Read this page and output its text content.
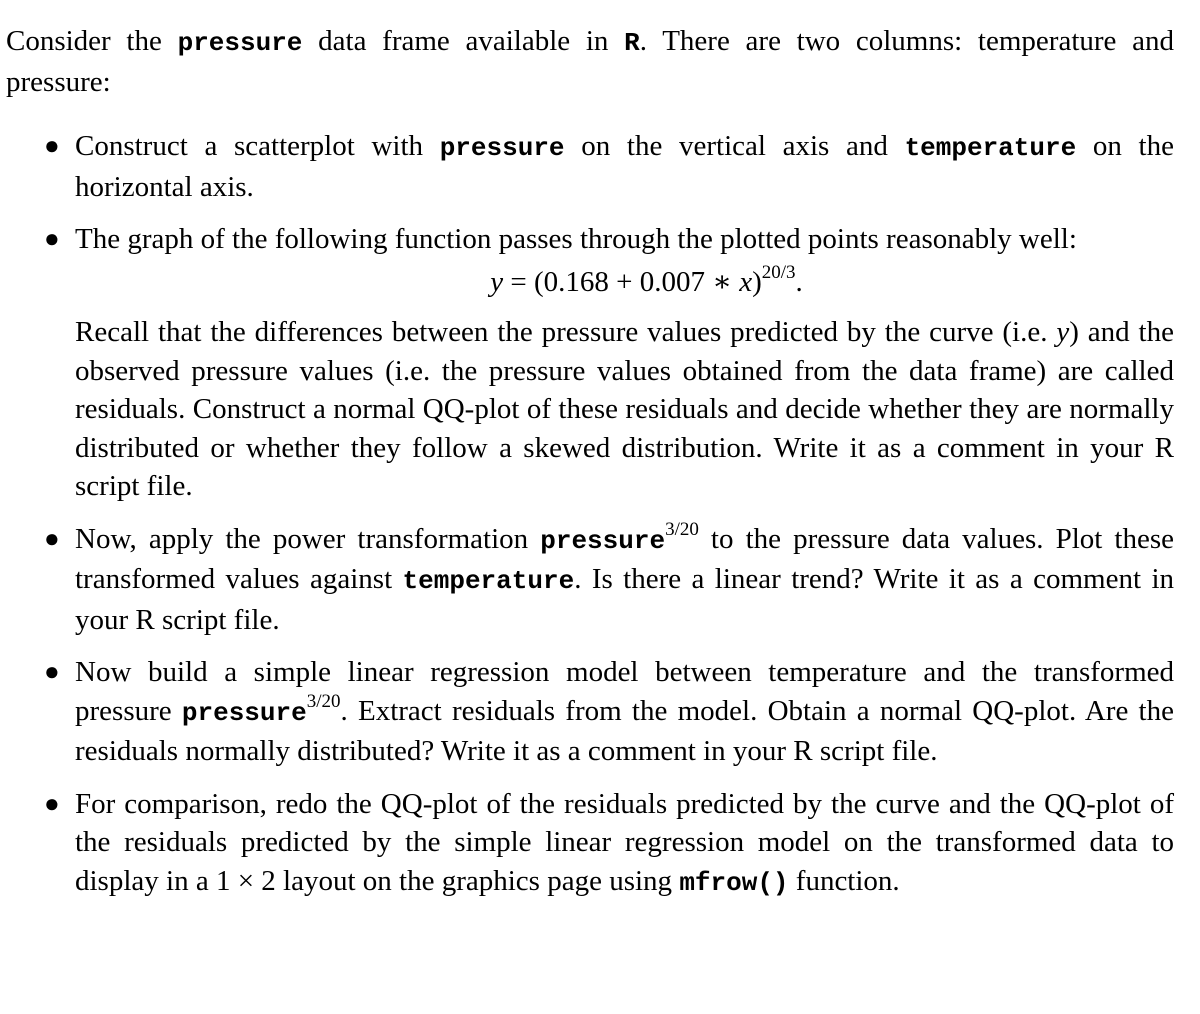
Consider the pressure data frame available in R. There are two columns: temperature and pressure:

● Construct a scatterplot with pressure on the vertical axis and temperature on the horizontal axis.

● The graph of the following function passes through the plotted points reasonably well:

y = (0.168 + 0.007 ∗ x)$^{20/3}$.

Recall that the differences between the pressure values predicted by the curve (i.e. y) and the observed pressure values (i.e. the pressure values obtained from the data frame) are called residuals. Construct a normal QQ-plot of these residuals and decide whether they are normally distributed or whether they follow a skewed distribution. Write it as a comment in your R script file.

● Now, apply the power transformation pressure$^{3/20}$ to the pressure data values. Plot these transformed values against temperature. Is there a linear trend? Write it as a comment in your R script file.

● Now build a simple linear regression model between temperature and the transformed pressure pressure$^{3/20}$. Extract residuals from the model. Obtain a normal QQ-plot. Are the residuals normally distributed? Write it as a comment in your R script file.

● For comparison, redo the QQ-plot of the residuals predicted by the curve and the QQ-plot of the residuals predicted by the simple linear regression model on the transformed data to display in a 1 × 2 layout on the graphics page using mfrow() function.
